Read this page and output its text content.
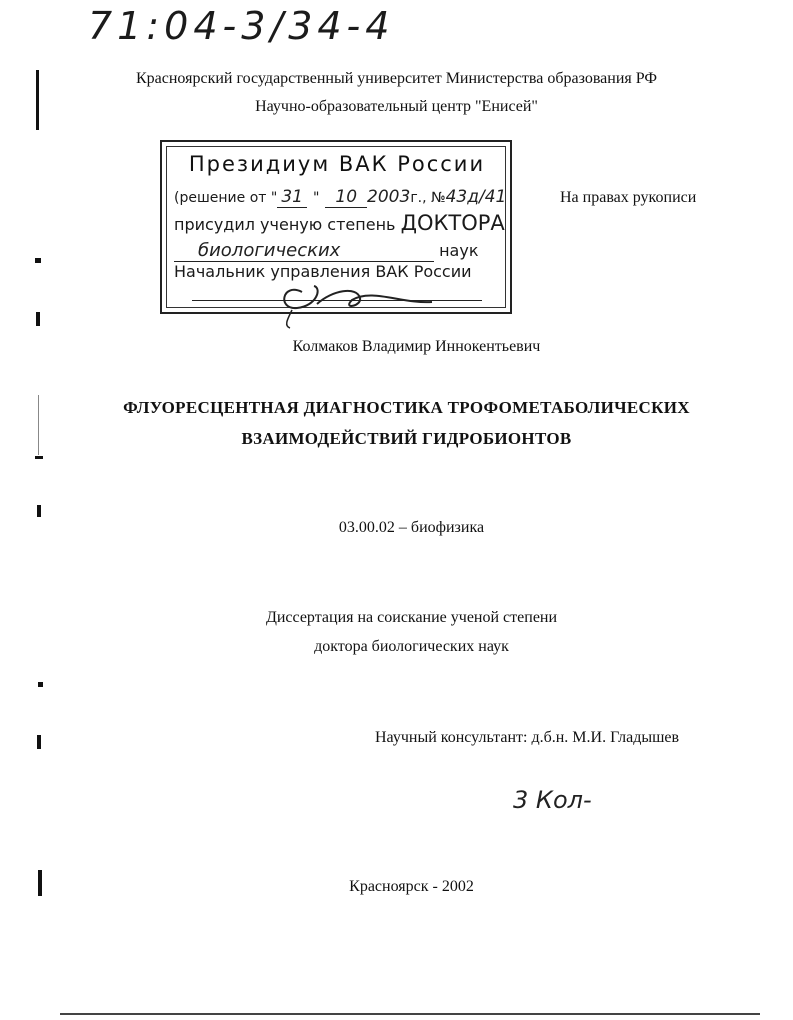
71:04-3/34-4
Красноярский государственный университет Министерства образования РФ
Научно-образовательный центр "Енисей"
Президиум ВАК России
(решение от " 31 " 10 2003г., №43д/41
присудил ученую степень ДОКТОРА
биологических	наук
Начальник управления ВАК России
На правах рукописи
Колмаков Владимир Иннокентьевич
ФЛУОРЕСЦЕНТНАЯ ДИАГНОСТИКА ТРОФОМЕТАБОЛИЧЕСКИХ
ВЗАИМОДЕЙСТВИЙ ГИДРОБИОНТОВ
03.00.02 – биофизика
Диссертация на соискание ученой степени
доктора биологических наук
Научный консультант: д.б.н. М.И. Гладышев
3 Кол-
Красноярск - 2002
